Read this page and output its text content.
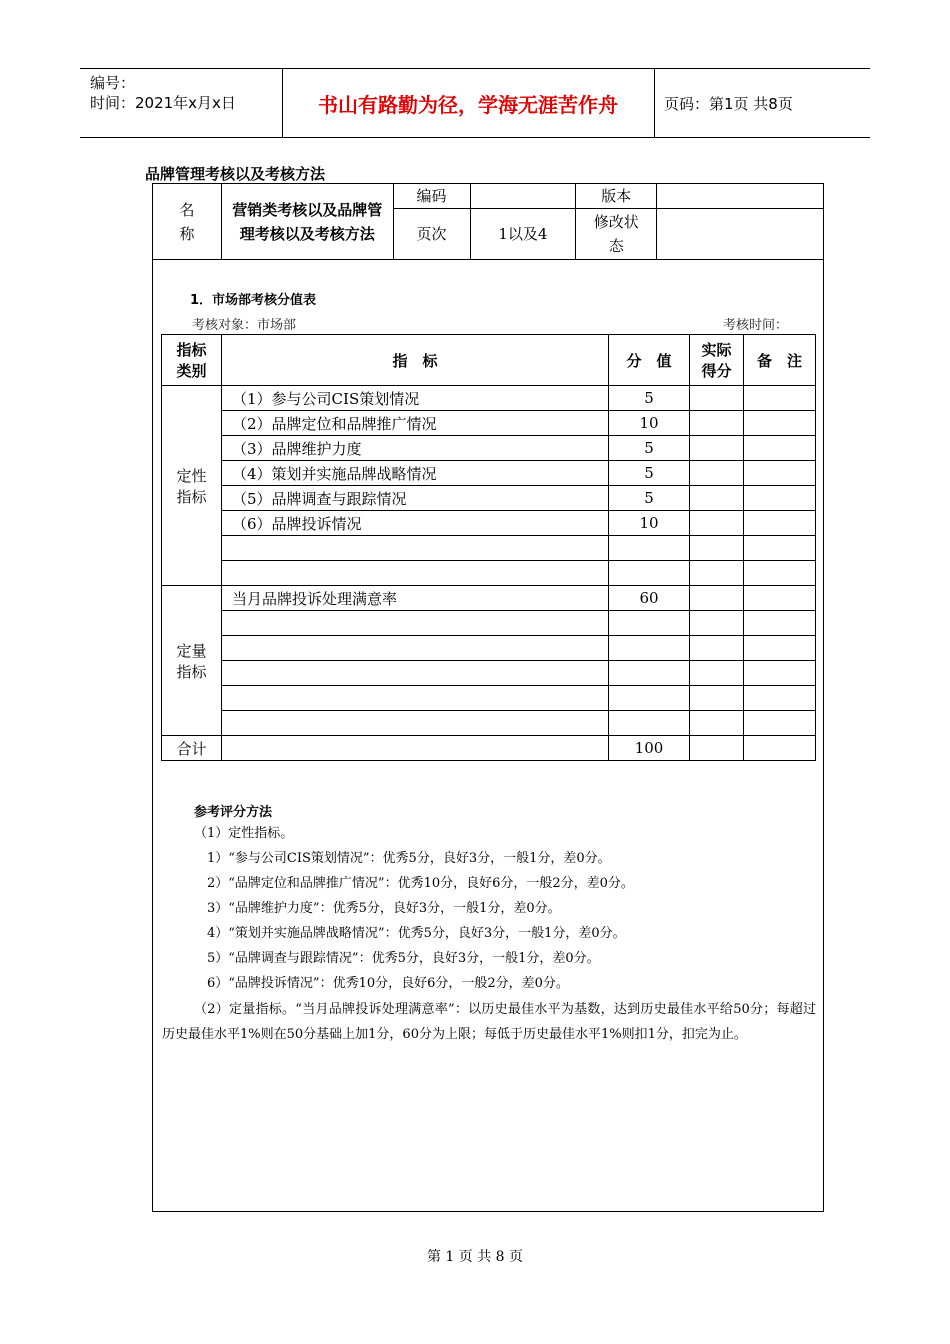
编号：
时间：2021年x月x日	书山有路勤为径，学海无涯苦作舟	页码：第1页 共8页
品牌管理考核以及考核方法
名
称	营销类考核以及品牌管理考核以及考核方法	编码		版本	
		页次	1以及4	修改状态	
1．市场部考核分值表
考核对象：市场部	考核时间：
指标类别	指　标	分　值	实际得分	备　注
定性指标	（1）参与公司CIS策划情况	5		
	（2）品牌定位和品牌推广情况	10		
	（3）品牌维护力度	5		
	（4）策划并实施品牌战略情况	5		
	（5）品牌调查与跟踪情况	5		
	（6）品牌投诉情况	10		

定量指标	当月品牌投诉处理满意率	60		

合计		100		
参考评分方法
（1）定性指标。
1）“参与公司CIS策划情况”：优秀5分，良好3分，一般1分，差0分。
2）“品牌定位和品牌推广情况”：优秀10分，良好6分，一般2分，差0分。
3）“品牌维护力度”：优秀5分，良好3分，一般1分，差0分。
4）“策划并实施品牌战略情况”：优秀5分，良好3分，一般1分，差0分。
5）“品牌调查与跟踪情况”：优秀5分，良好3分，一般1分，差0分。
6）“品牌投诉情况”：优秀10分，良好6分，一般2分，差0分。
（2）定量指标。“当月品牌投诉处理满意率”：以历史最佳水平为基数，达到历史最佳水平给50分；每超过历史最佳水平1%则在50分基础上加1分，60分为上限；每低于历史最佳水平1%则扣1分，扣完为止。
第 1 页 共 8 页
